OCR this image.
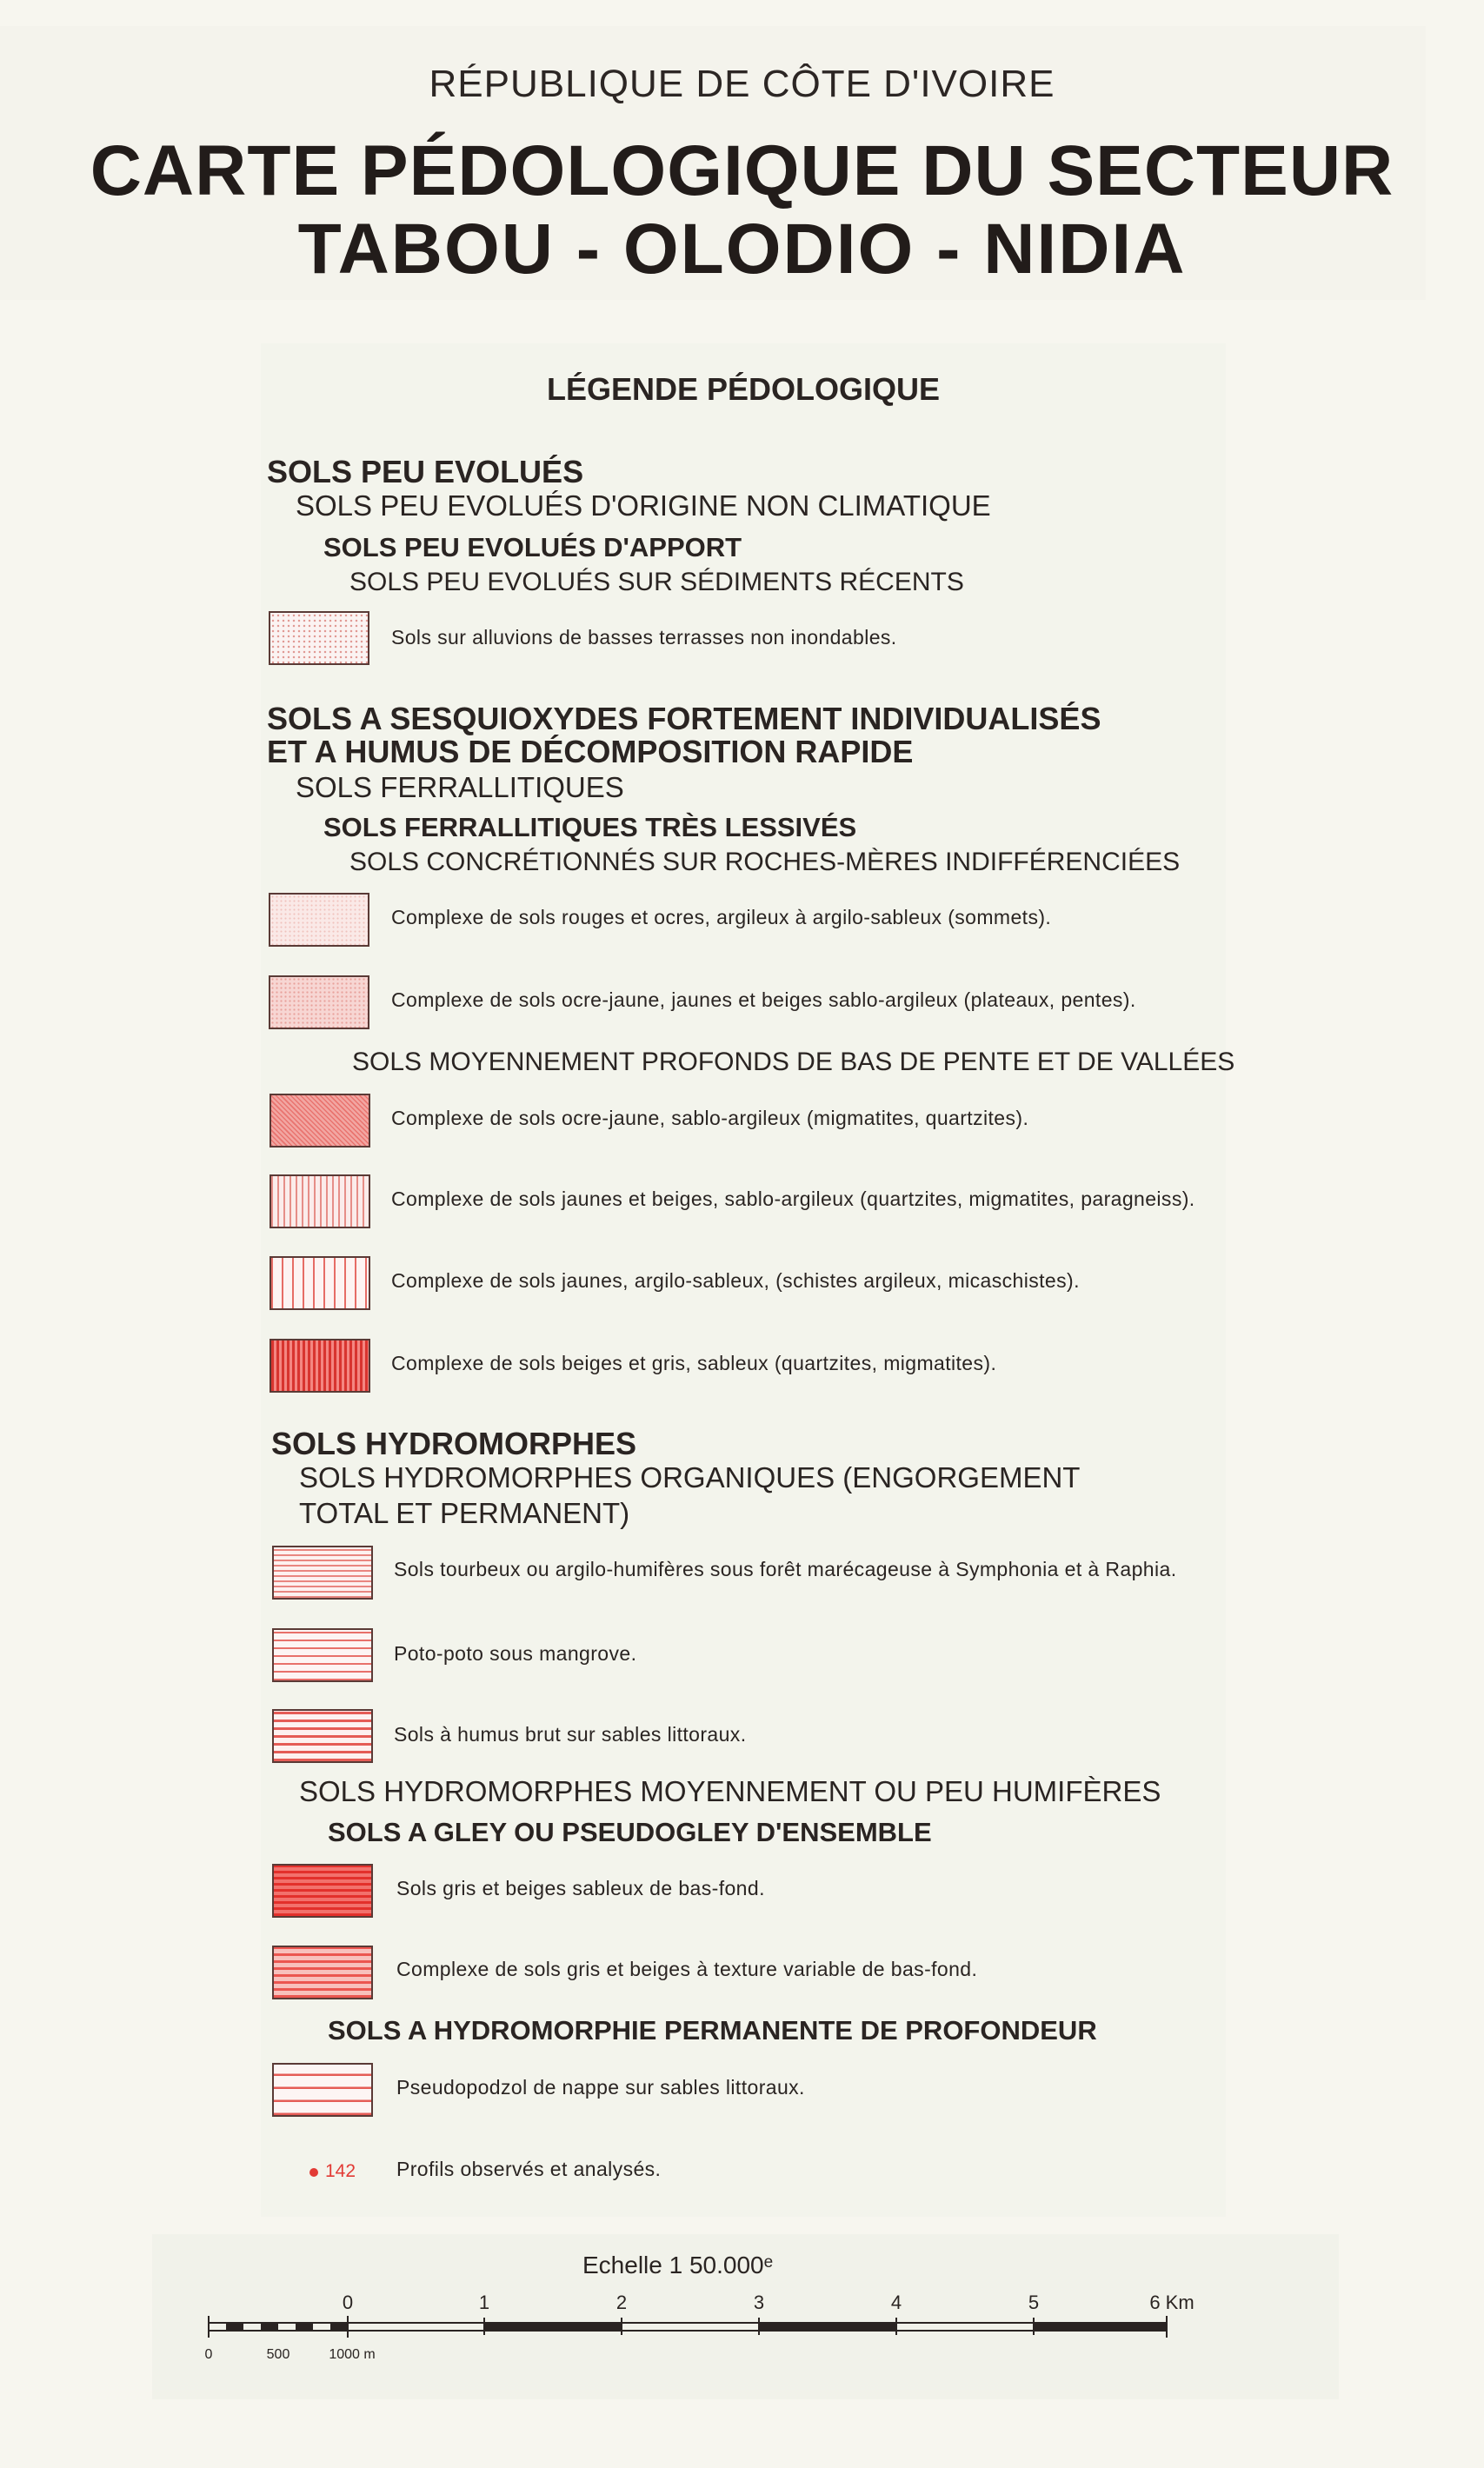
RÉPUBLIQUE DE CÔTE D'IVOIRE
CARTE PÉDOLOGIQUE DU SECTEUR
TABOU - OLODIO - NIDIA
LÉGENDE PÉDOLOGIQUE
SOLS PEU EVOLUÉS
SOLS PEU EVOLUÉS D'ORIGINE NON CLIMATIQUE
SOLS PEU EVOLUÉS D'APPORT
SOLS PEU EVOLUÉS SUR SÉDIMENTS RÉCENTS
Sols sur alluvions de basses terrasses non inondables.
SOLS A SESQUIOXYDES FORTEMENT INDIVIDUALISÉS
ET A HUMUS DE DÉCOMPOSITION RAPIDE
SOLS FERRALLITIQUES
SOLS FERRALLITIQUES TRÈS LESSIVÉS
SOLS CONCRÉTIONNÉS SUR ROCHES-MÈRES INDIFFÉRENCIÉES
Complexe de sols rouges et ocres, argileux à argilo-sableux (sommets).
Complexe de sols ocre-jaune, jaunes et beiges sablo-argileux (plateaux, pentes).
SOLS MOYENNEMENT PROFONDS DE BAS DE PENTE ET DE VALLÉES
Complexe de sols ocre-jaune, sablo-argileux (migmatites, quartzites).
Complexe de sols jaunes et beiges, sablo-argileux (quartzites, migmatites, paragneiss).
Complexe de sols jaunes, argilo-sableux, (schistes argileux, micaschistes).
Complexe de sols beiges et gris, sableux (quartzites, migmatites).
SOLS HYDROMORPHES
SOLS HYDROMORPHES ORGANIQUES (ENGORGEMENT
TOTAL ET PERMANENT)
Sols tourbeux ou argilo-humifères sous forêt marécageuse à Symphonia et à Raphia.
Poto-poto sous mangrove.
Sols à humus brut sur sables littoraux.
SOLS HYDROMORPHES MOYENNEMENT OU PEU HUMIFÈRES
SOLS A GLEY OU PSEUDOGLEY D'ENSEMBLE
Sols gris et beiges sableux de bas-fond.
Complexe de sols gris et beiges à texture variable de bas-fond.
SOLS A HYDROMORPHIE PERMANENTE DE PROFONDEUR
Pseudopodzol de nappe sur sables littoraux.
142 Profils observés et analysés.
Echelle 1 50.000ᵉ
0	1	2	3	4	5	6 Km
0	500	1000 m
